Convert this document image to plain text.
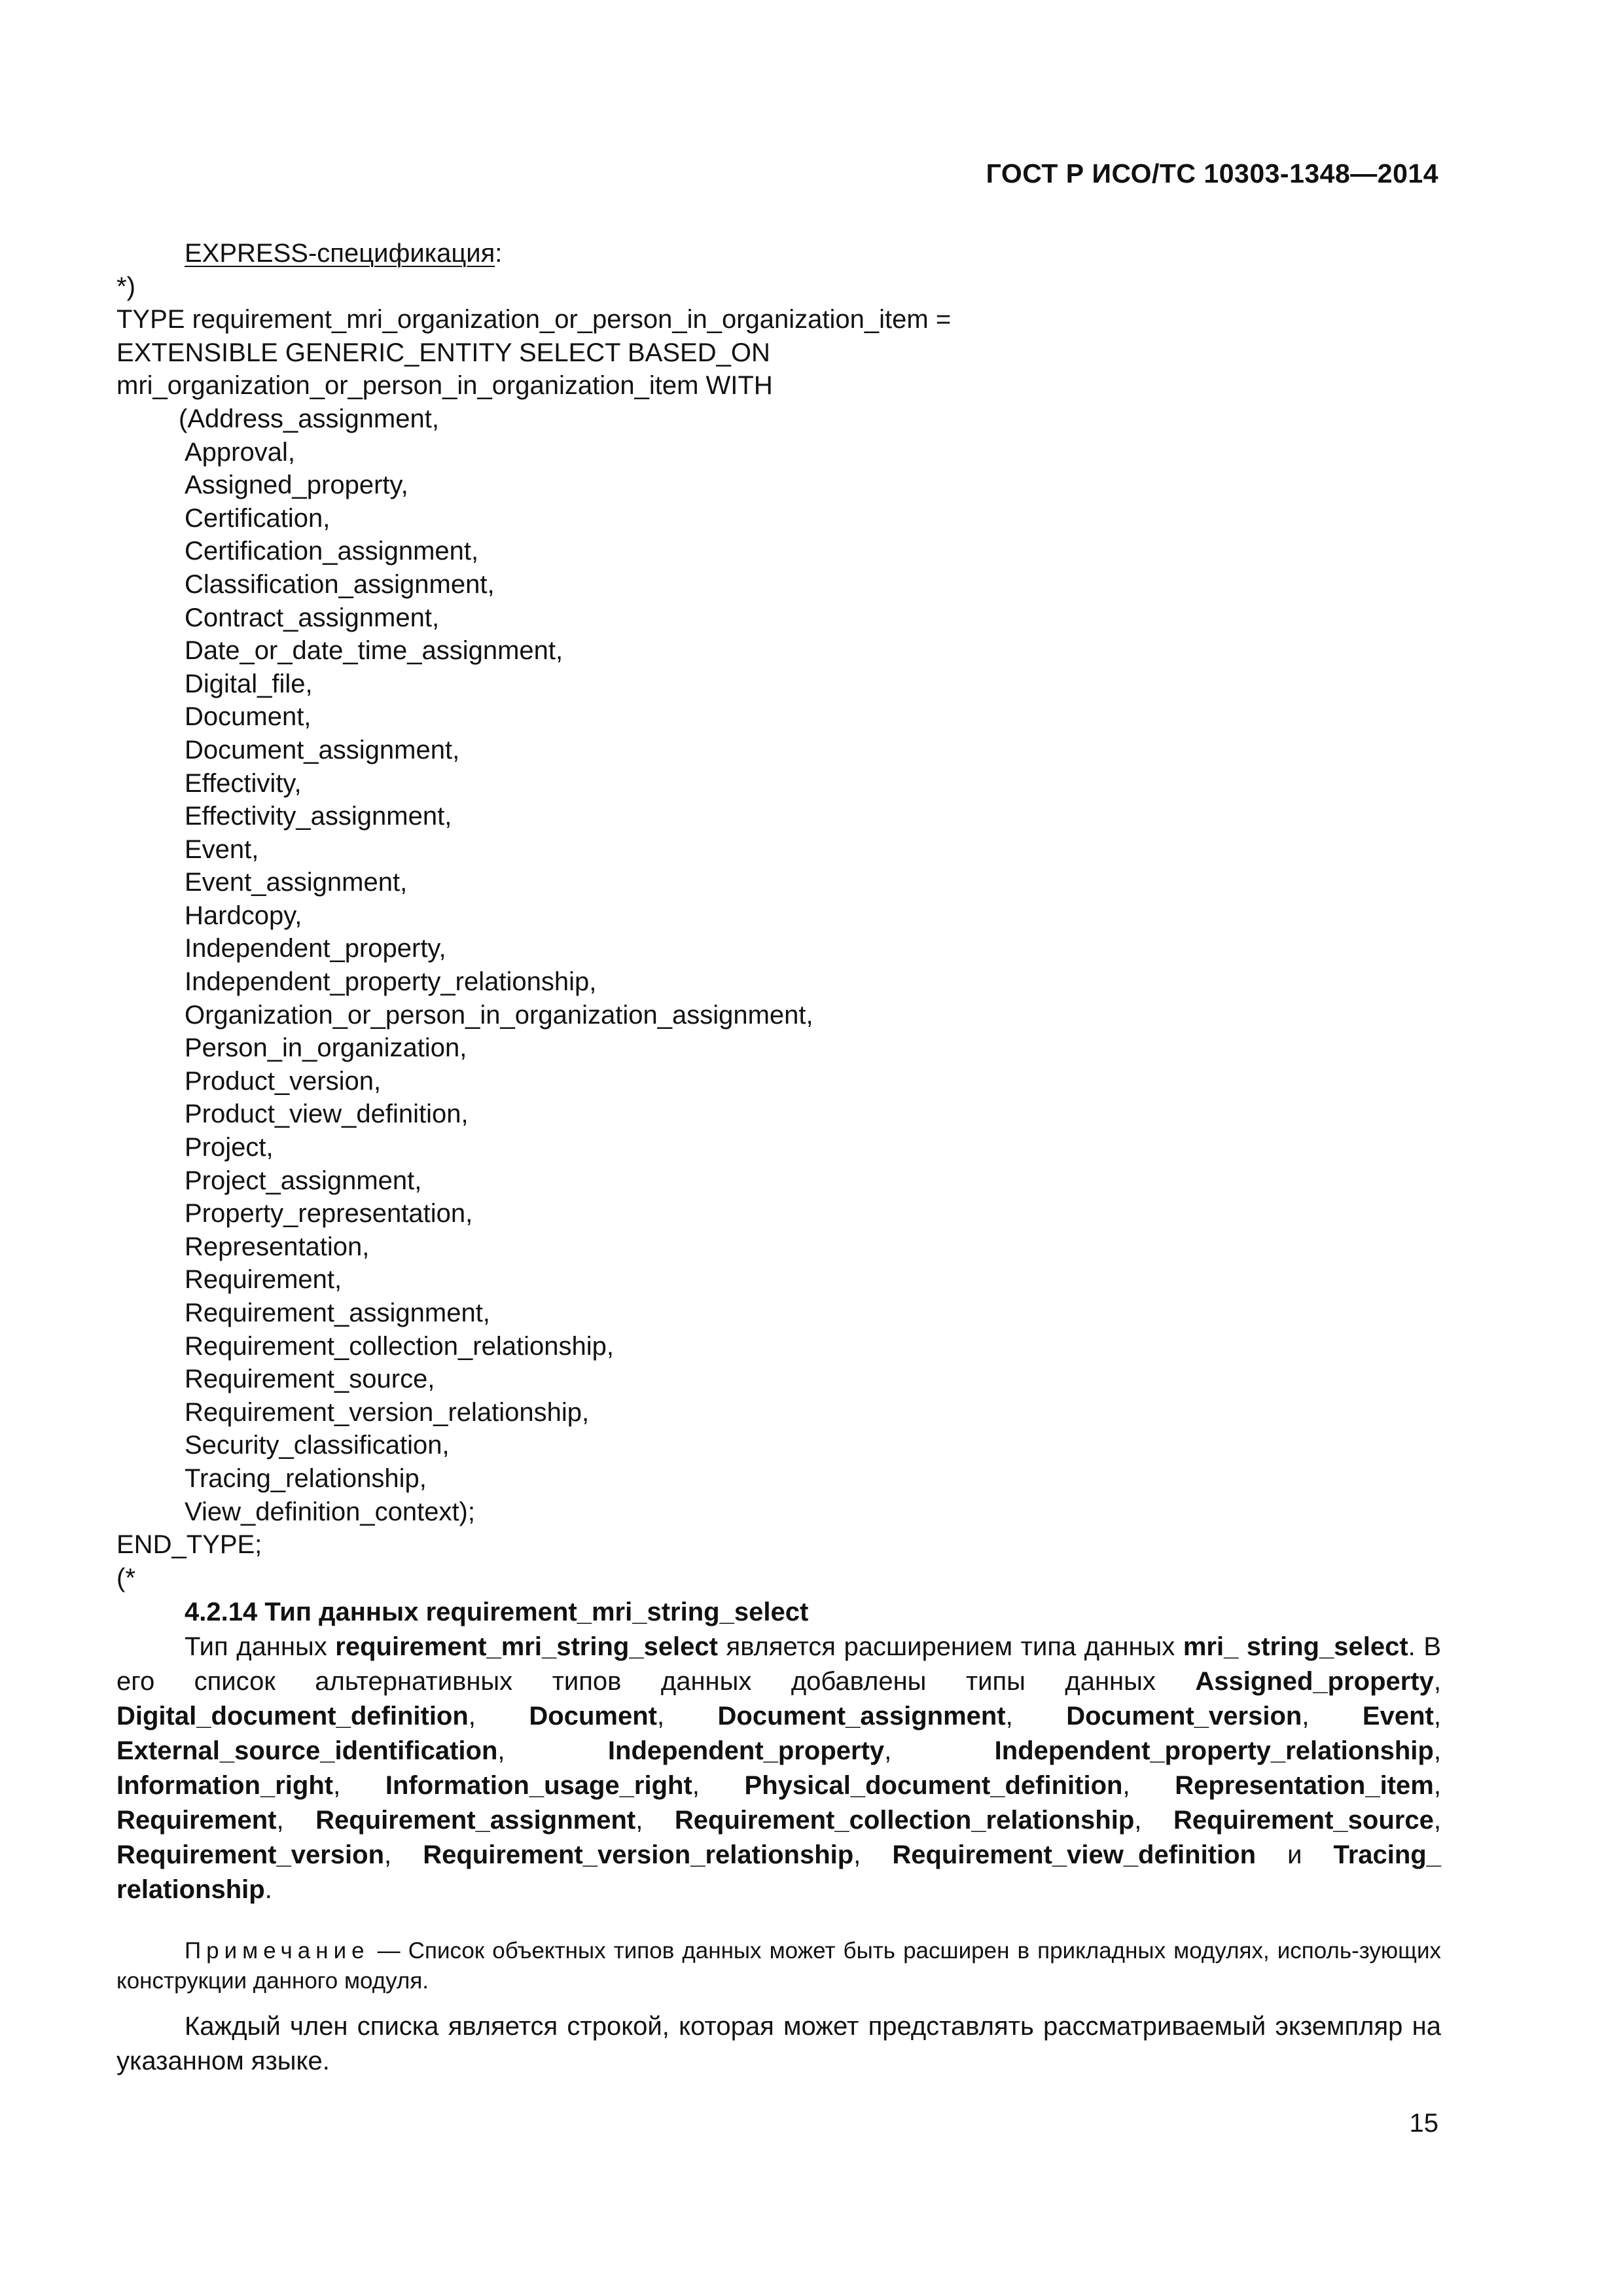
ГОСТ Р ИСО/ТС 10303-1348—2014
EXPRESS-спецификация:
*)
TYPE requirement_mri_organization_or_person_in_organization_item =
EXTENSIBLE GENERIC_ENTITY SELECT BASED_ON
mri_organization_or_person_in_organization_item WITH
(Address_assignment,
Approval,
Assigned_property,
Certification,
Certification_assignment,
Classification_assignment,
Contract_assignment,
Date_or_date_time_assignment,
Digital_file,
Document,
Document_assignment,
Effectivity,
Effectivity_assignment,
Event,
Event_assignment,
Hardcopy,
Independent_property,
Independent_property_relationship,
Organization_or_person_in_organization_assignment,
Person_in_organization,
Product_version,
Product_view_definition,
Project,
Project_assignment,
Property_representation,
Representation,
Requirement,
Requirement_assignment,
Requirement_collection_relationship,
Requirement_source,
Requirement_version_relationship,
Security_classification,
Tracing_relationship,
View_definition_context);
END_TYPE;
(*
4.2.14 Тип данных requirement_mri_string_select
Тип данных requirement_mri_string_select является расширением типа данных mri_ string_select. В его список альтернативных типов данных добавлены типы данных Assigned_property, Digital_document_definition, Document, Document_assignment, Document_version, Event, External_source_identification, Independent_property, Independent_property_relationship, Information_right, Information_usage_right, Physical_document_definition, Representation_item, Requirement, Requirement_assignment, Requirement_collection_relationship, Requirement_source, Requirement_version, Requirement_version_relationship, Requirement_view_definition и Tracing_ relationship.
Примечание — Список объектных типов данных может быть расширен в прикладных модулях, исполь-зующих конструкции данного модуля.
Каждый член списка является строкой, которая может представлять рассматриваемый экземпляр на указанном языке.
15
